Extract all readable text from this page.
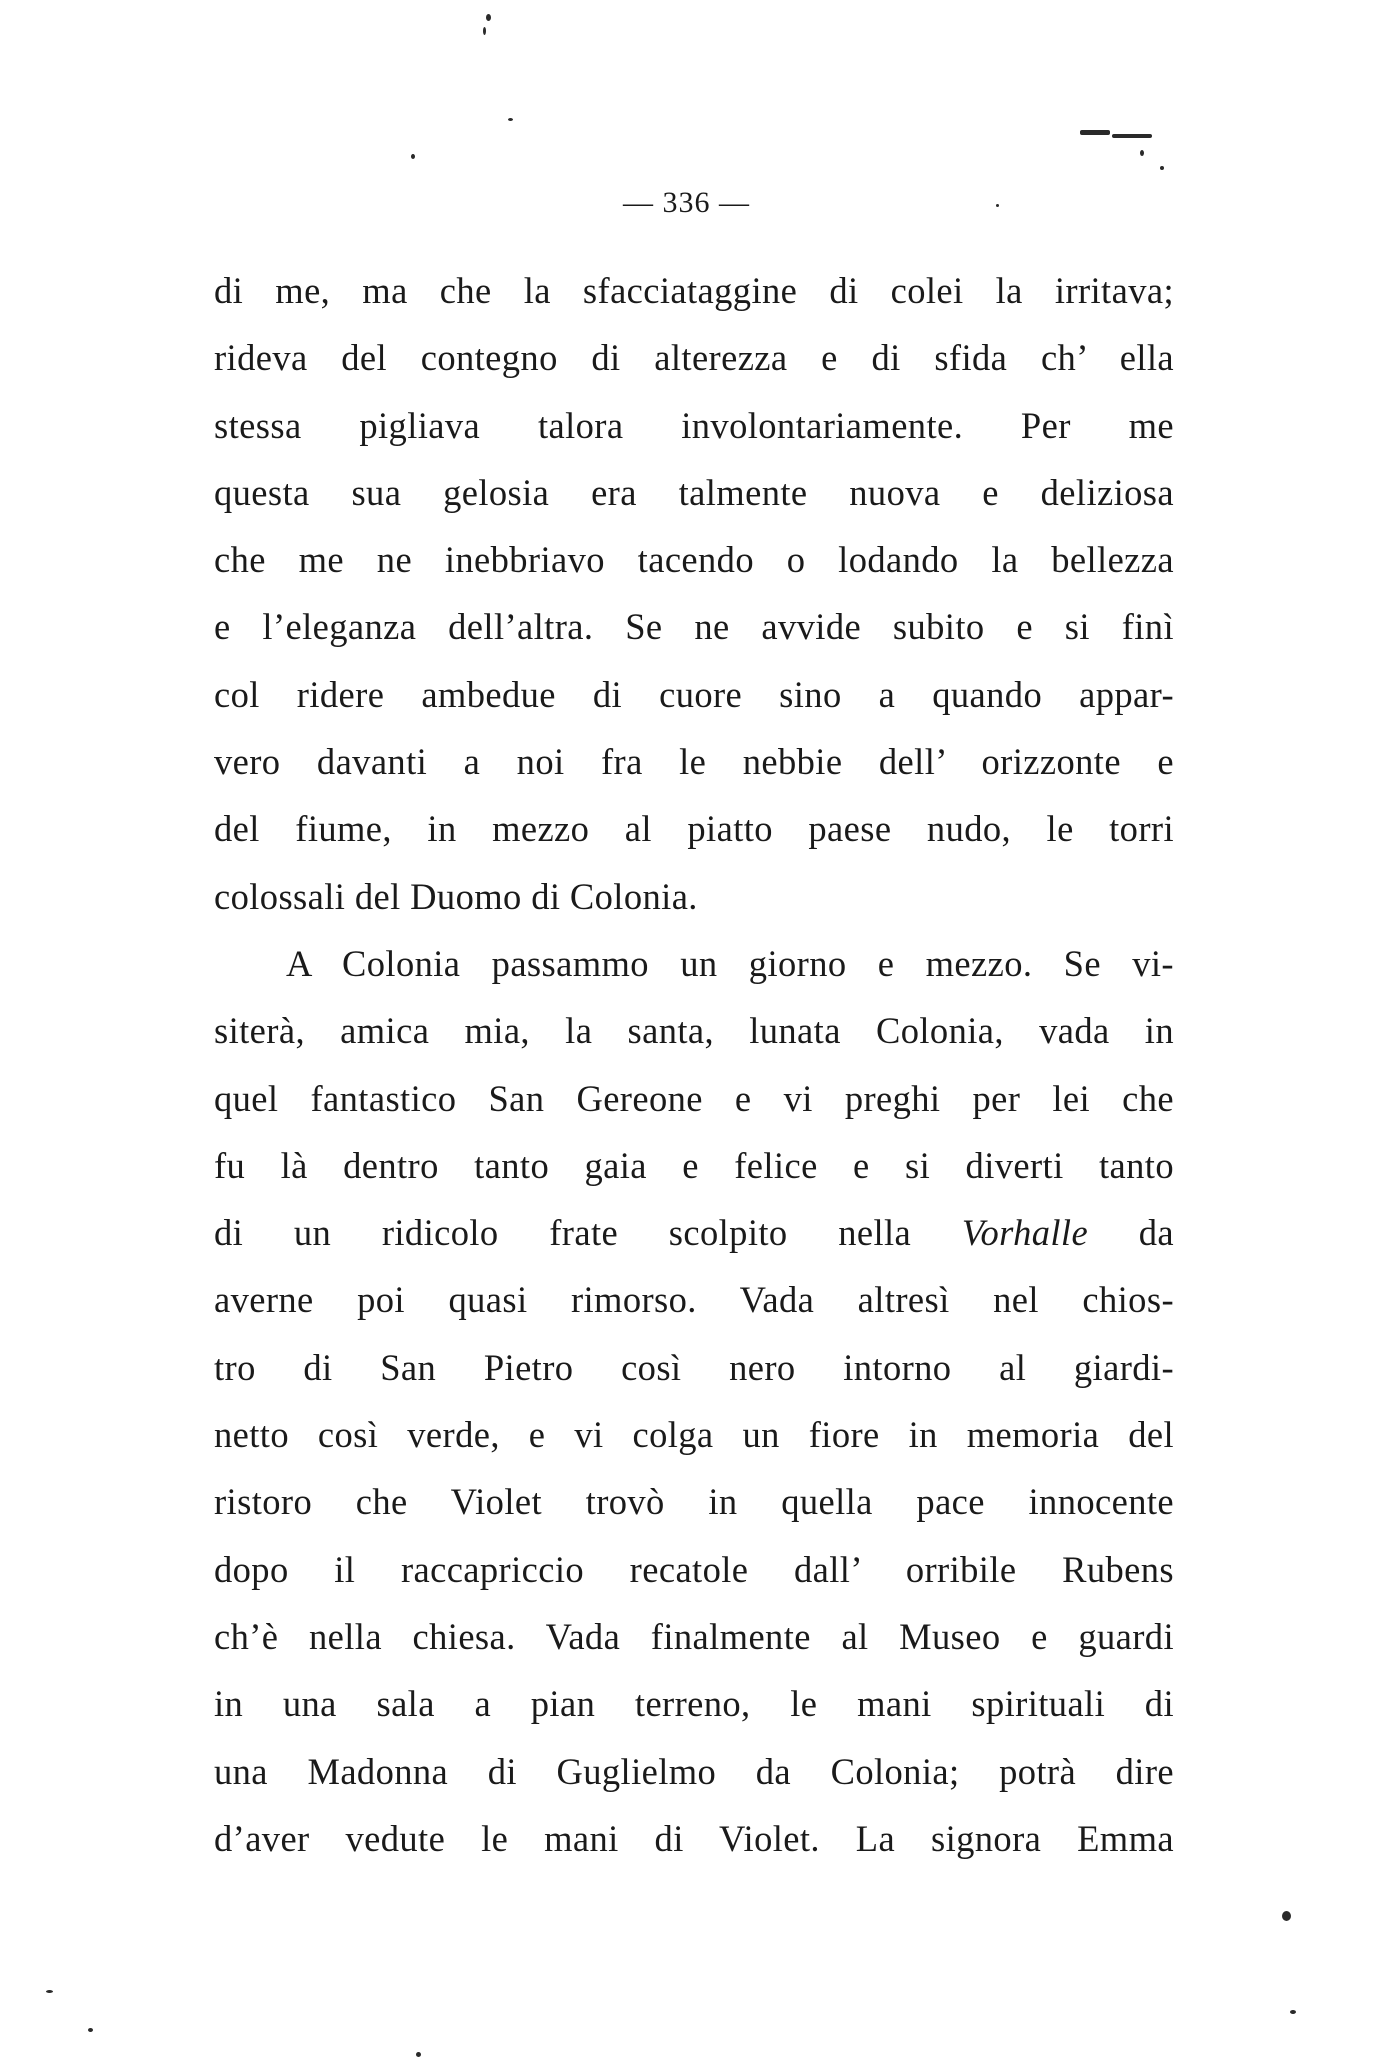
— 336 —
di me, ma che la sfacciataggine di colei la irritava;
rideva del contegno di alterezza e di sfida ch’ ella
stessa pigliava talora involontariamente. Per me
questa sua gelosia era talmente nuova e deliziosa
che me ne inebbriavo tacendo o lodando la bellezza
e l’eleganza dell’altra. Se ne avvide subito e si finì
col ridere ambedue di cuore sino a quando appar-
vero davanti a noi fra le nebbie dell’ orizzonte e
del fiume, in mezzo al piatto paese nudo, le torri
colossali del Duomo di Colonia.
A Colonia passammo un giorno e mezzo. Se vi-
siterà, amica mia, la santa, lunata Colonia, vada in
quel fantastico San Gereone e vi preghi per lei che
fu là dentro tanto gaia e felice e si diverti tanto
di un ridicolo frate scolpito nella Vorhalle da
averne poi quasi rimorso. Vada altresì nel chios-
tro di San Pietro così nero intorno al giardi-
netto così verde, e vi colga un fiore in memoria del
ristoro che Violet trovò in quella pace innocente
dopo il raccapriccio recatole dall’ orribile Rubens
ch’è nella chiesa. Vada finalmente al Museo e guardi
in una sala a pian terreno, le mani spirituali di
una Madonna di Guglielmo da Colonia; potrà dire
d’aver vedute le mani di Violet. La signora Emma
